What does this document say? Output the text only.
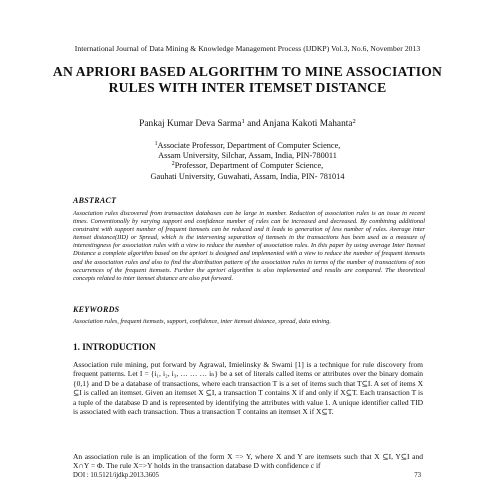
International Journal of Data Mining & Knowledge Management Process (IJDKP) Vol.3, No.6, November 2013
AN APRIORI BASED ALGORITHM TO MINE ASSOCIATION RULES WITH INTER ITEMSET DISTANCE
Pankaj Kumar Deva Sarma$^1$ and Anjana Kakoti Mahanta$^2$
$^1$Associate Professor, Department of Computer Science,
Assam University, Silchar, Assam, India, PIN-780011
$^2$Professor, Department of Computer Science,
Gauhati University, Guwahati, Assam, India, PIN- 781014
ABSTRACT
Association rules discovered from transaction databases can be large in number. Reduction of association rules is an issue in recent times. Conventionally by varying support and confidence number of rules can be increased and decreased. By combining additional constraint with support number of frequent itemsets can be reduced and it leads to generation of less number of rules. Average inter itemset distance(IID) or Spread, which is the intervening separation of itemsets in the transactions has been used as a measure of interestingness for association rules with a view to reduce the number of association rules. In this paper by using average Inter Itemset Distance a complete algorithm based on the apriori is designed and implemented with a view to reduce the number of frequent itemsets and the association rules and also to find the distribution pattern of the association rules in terms of the number of transactions of non occurrences of the frequent itemsets. Further the apriori algorithm is also implemented and results are compared. The theoretical concepts related to inter itemset distance are also put forward.
KEYWORDS
Association rules, frequent itemsets, support, confidence, inter itemset distance, spread, data mining.
1. INTRODUCTION
Association rule mining, put forward by Agrawal, Imielinsky & Swami [1] is a technique for rule discovery from frequent patterns. Let I = {i₁, i₂, i₃, … … … iₙ} be a set of literals called items or attributes over the binary domain {0,1} and D be a database of transactions, where each transaction T is a set of items such that T⊆I. A set of items X ⊆I is called an itemset. Given an itemset X ⊆I, a transaction T contains X if and only if X⊆T. Each transaction T is a tuple of the database D and is represented by identifying the attributes with value 1. A unique identifier called TID is associated with each transaction. Thus a transaction T contains an itemset X if X⊆T.
An association rule is an implication of the form X => Y, where X and Y are itemsets such that X ⊆I, Y⊆I and X∩Y = Φ. The rule X=>Y holds in the transaction database D with confidence c if
DOI : 10.5121/ijdkp.2013.3605	73
